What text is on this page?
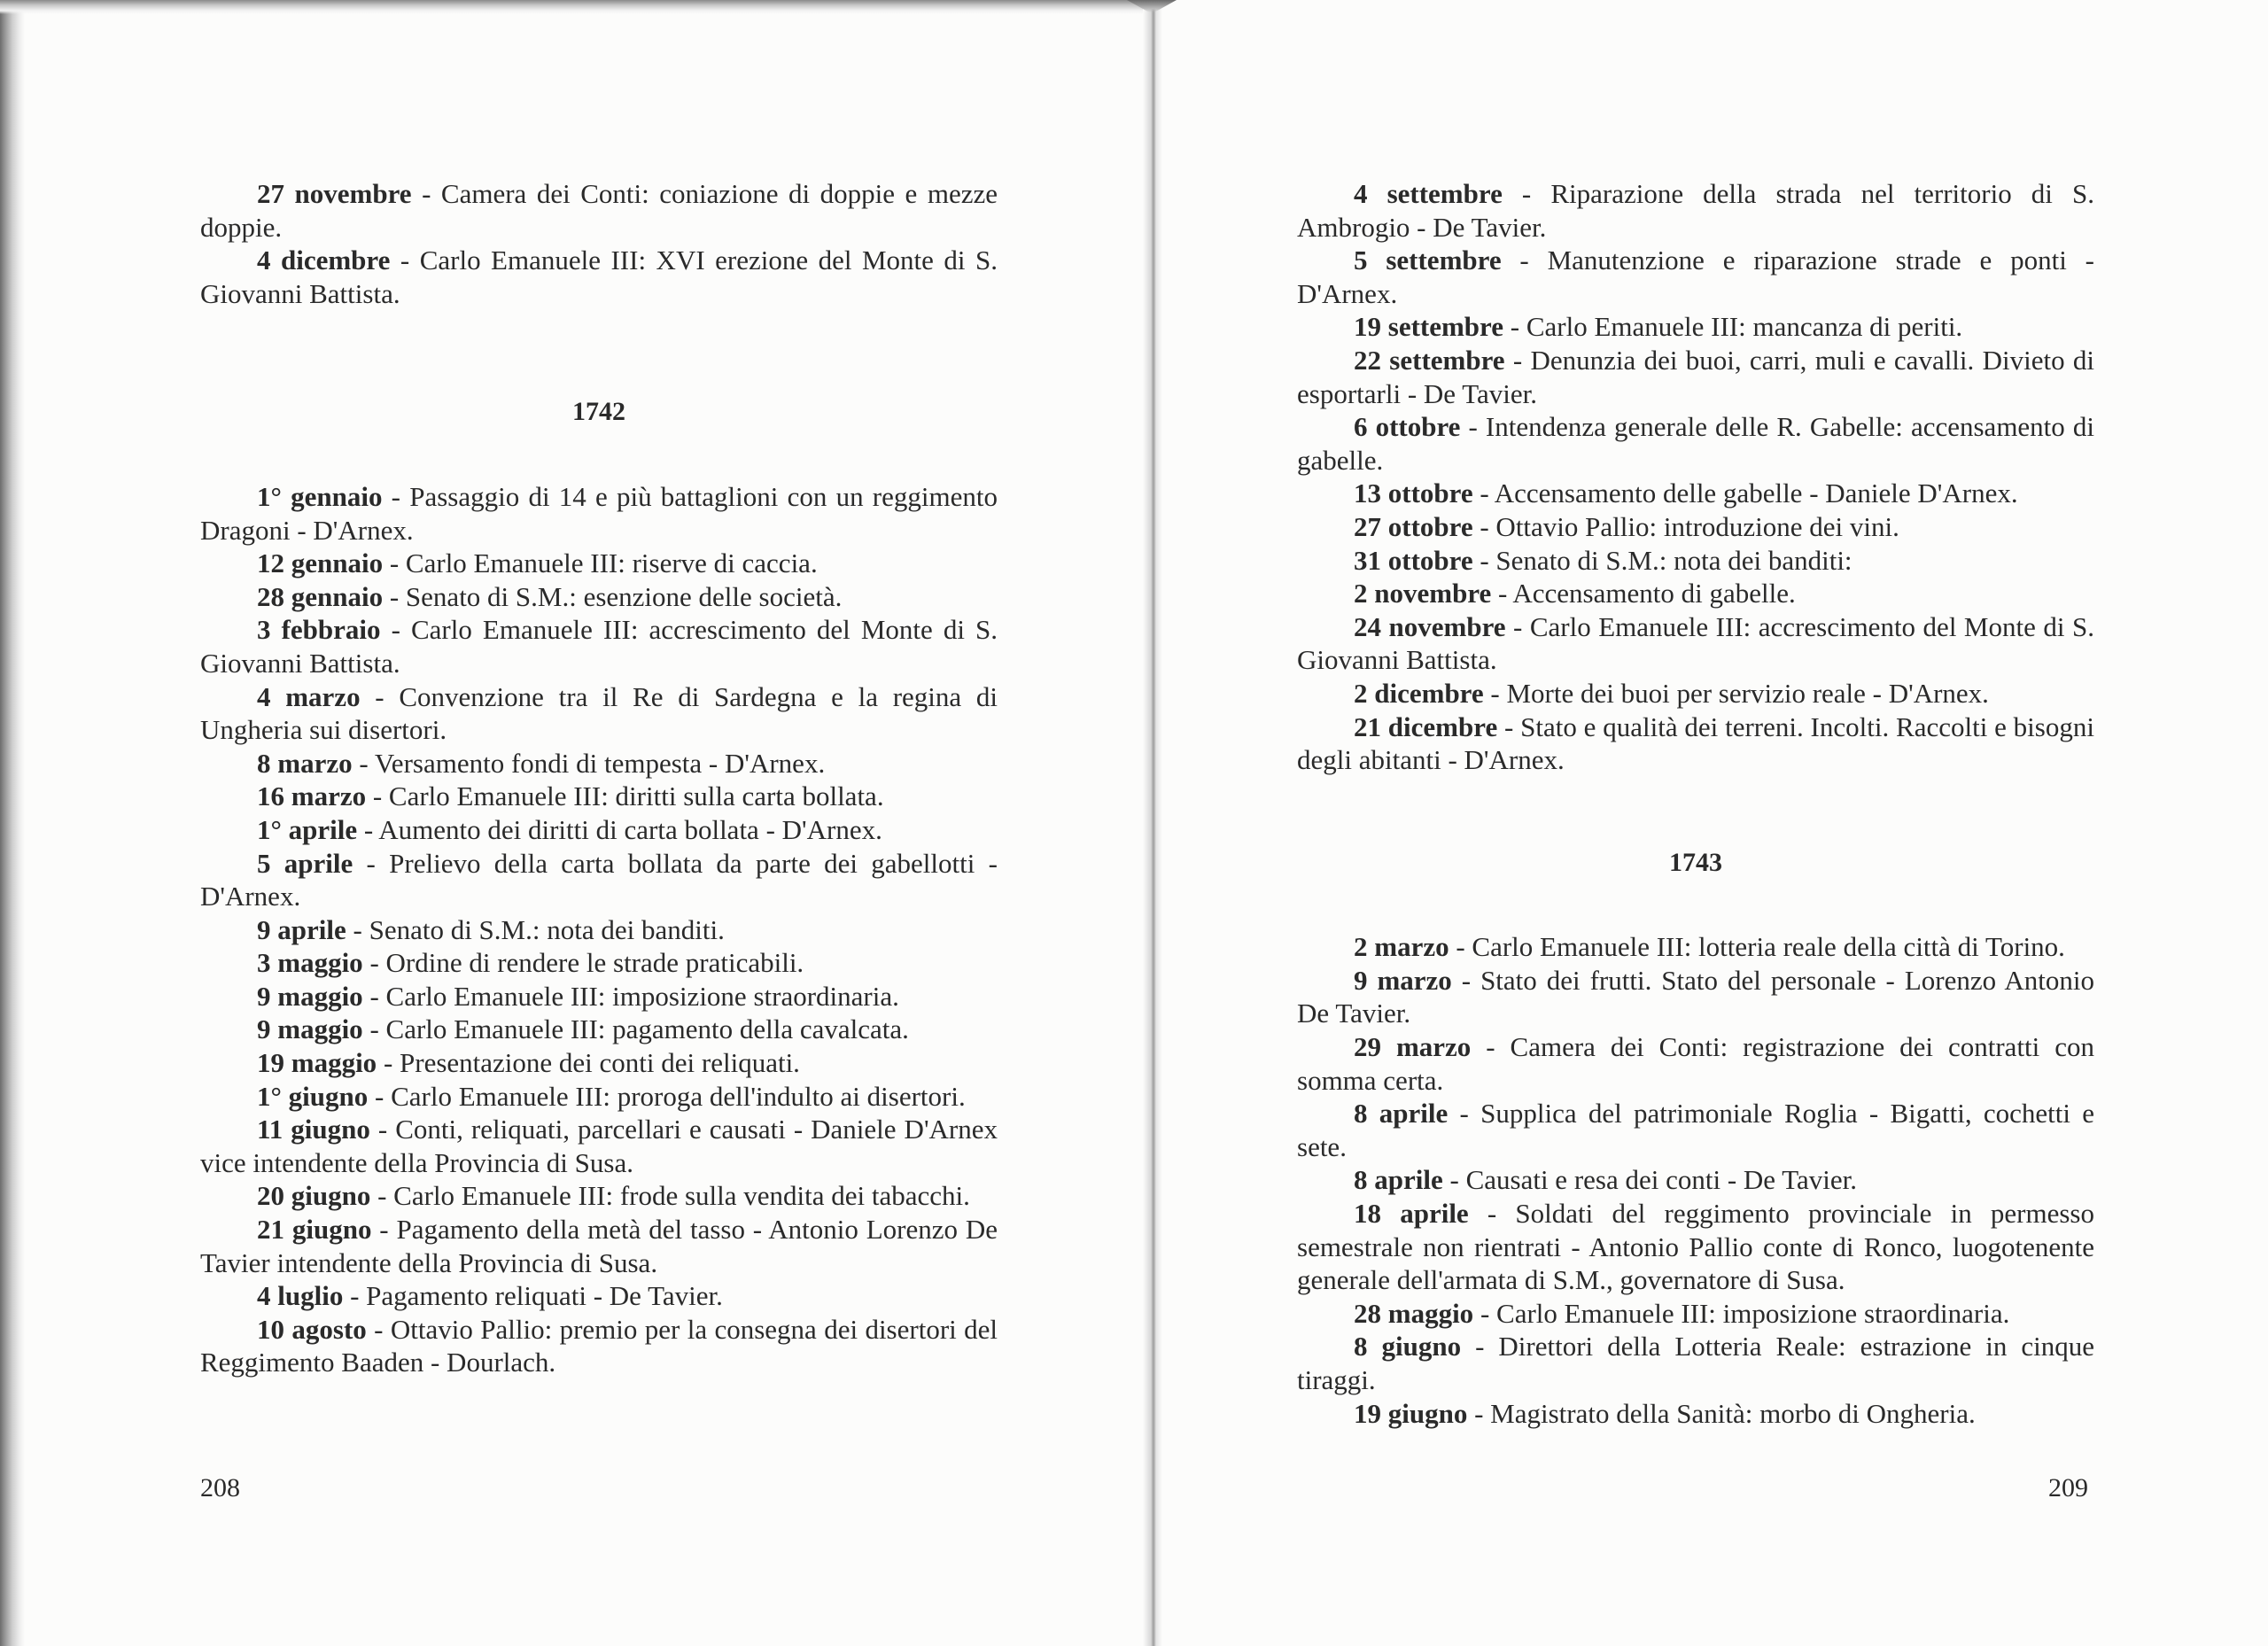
27 novembre - Camera dei Conti: coniazione di doppie e mezze doppie.

4 dicembre - Carlo Emanuele III: XVI erezione del Monte di S. Giovanni Battista.

1742

1° gennaio - Passaggio di 14 e più battaglioni con un reggimento Dragoni - D'Arnex.

12 gennaio - Carlo Emanuele III: riserve di caccia.

28 gennaio - Senato di S.M.: esenzione delle società.

3 febbraio - Carlo Emanuele III: accrescimento del Monte di S. Giovanni Battista.

4 marzo - Convenzione tra il Re di Sardegna e la regina di Ungheria sui disertori.

8 marzo - Versamento fondi di tempesta - D'Arnex.

16 marzo - Carlo Emanuele III: diritti sulla carta bollata.

1° aprile - Aumento dei diritti di carta bollata - D'Arnex.

5 aprile - Prelievo della carta bollata da parte dei gabellotti - D'Arnex.

9 aprile - Senato di S.M.: nota dei banditi.

3 maggio - Ordine di rendere le strade praticabili.

9 maggio - Carlo Emanuele III: imposizione straordinaria.

9 maggio - Carlo Emanuele III: pagamento della cavalcata.

19 maggio - Presentazione dei conti dei reliquati.

1° giugno - Carlo Emanuele III: proroga dell'indulto ai disertori.

11 giugno - Conti, reliquati, parcellari e causati - Daniele D'Arnex vice intendente della Provincia di Susa.

20 giugno - Carlo Emanuele III: frode sulla vendita dei tabacchi.

21 giugno - Pagamento della metà del tasso - Antonio Lorenzo De Tavier intendente della Provincia di Susa.

4 luglio - Pagamento reliquati - De Tavier.

10 agosto - Ottavio Pallio: premio per la consegna dei disertori del Reggimento Baaden - Dourlach.

4 settembre - Riparazione della strada nel territorio di S. Ambrogio - De Tavier.

5 settembre - Manutenzione e riparazione strade e ponti - D'Arnex.

19 settembre - Carlo Emanuele III: mancanza di periti.

22 settembre - Denunzia dei buoi, carri, muli e cavalli. Divieto di esportarli - De Tavier.

6 ottobre - Intendenza generale delle R. Gabelle: accensamento di gabelle.

13 ottobre - Accensamento delle gabelle - Daniele D'Arnex.

27 ottobre - Ottavio Pallio: introduzione dei vini.

31 ottobre - Senato di S.M.: nota dei banditi:

2 novembre - Accensamento di gabelle.

24 novembre - Carlo Emanuele III: accrescimento del Monte di S. Giovanni Battista.

2 dicembre - Morte dei buoi per servizio reale - D'Arnex.

21 dicembre - Stato e qualità dei terreni. Incolti. Raccolti e bisogni degli abitanti - D'Arnex.

1743

2 marzo - Carlo Emanuele III: lotteria reale della città di Torino.

9 marzo - Stato dei frutti. Stato del personale - Lorenzo Antonio De Tavier.

29 marzo - Camera dei Conti: registrazione dei contratti con somma certa.

8 aprile - Supplica del patrimoniale Roglia - Bigatti, cochetti e sete.

8 aprile - Causati e resa dei conti - De Tavier.

18 aprile - Soldati del reggimento provinciale in permesso semestrale non rientrati - Antonio Pallio conte di Ronco, luogotenente generale dell'armata di S.M., governatore di Susa.

28 maggio - Carlo Emanuele III: imposizione straordinaria.

8 giugno - Direttori della Lotteria Reale: estrazione in cinque tiraggi.

19 giugno - Magistrato della Sanità: morbo di Ongheria.

208	209
